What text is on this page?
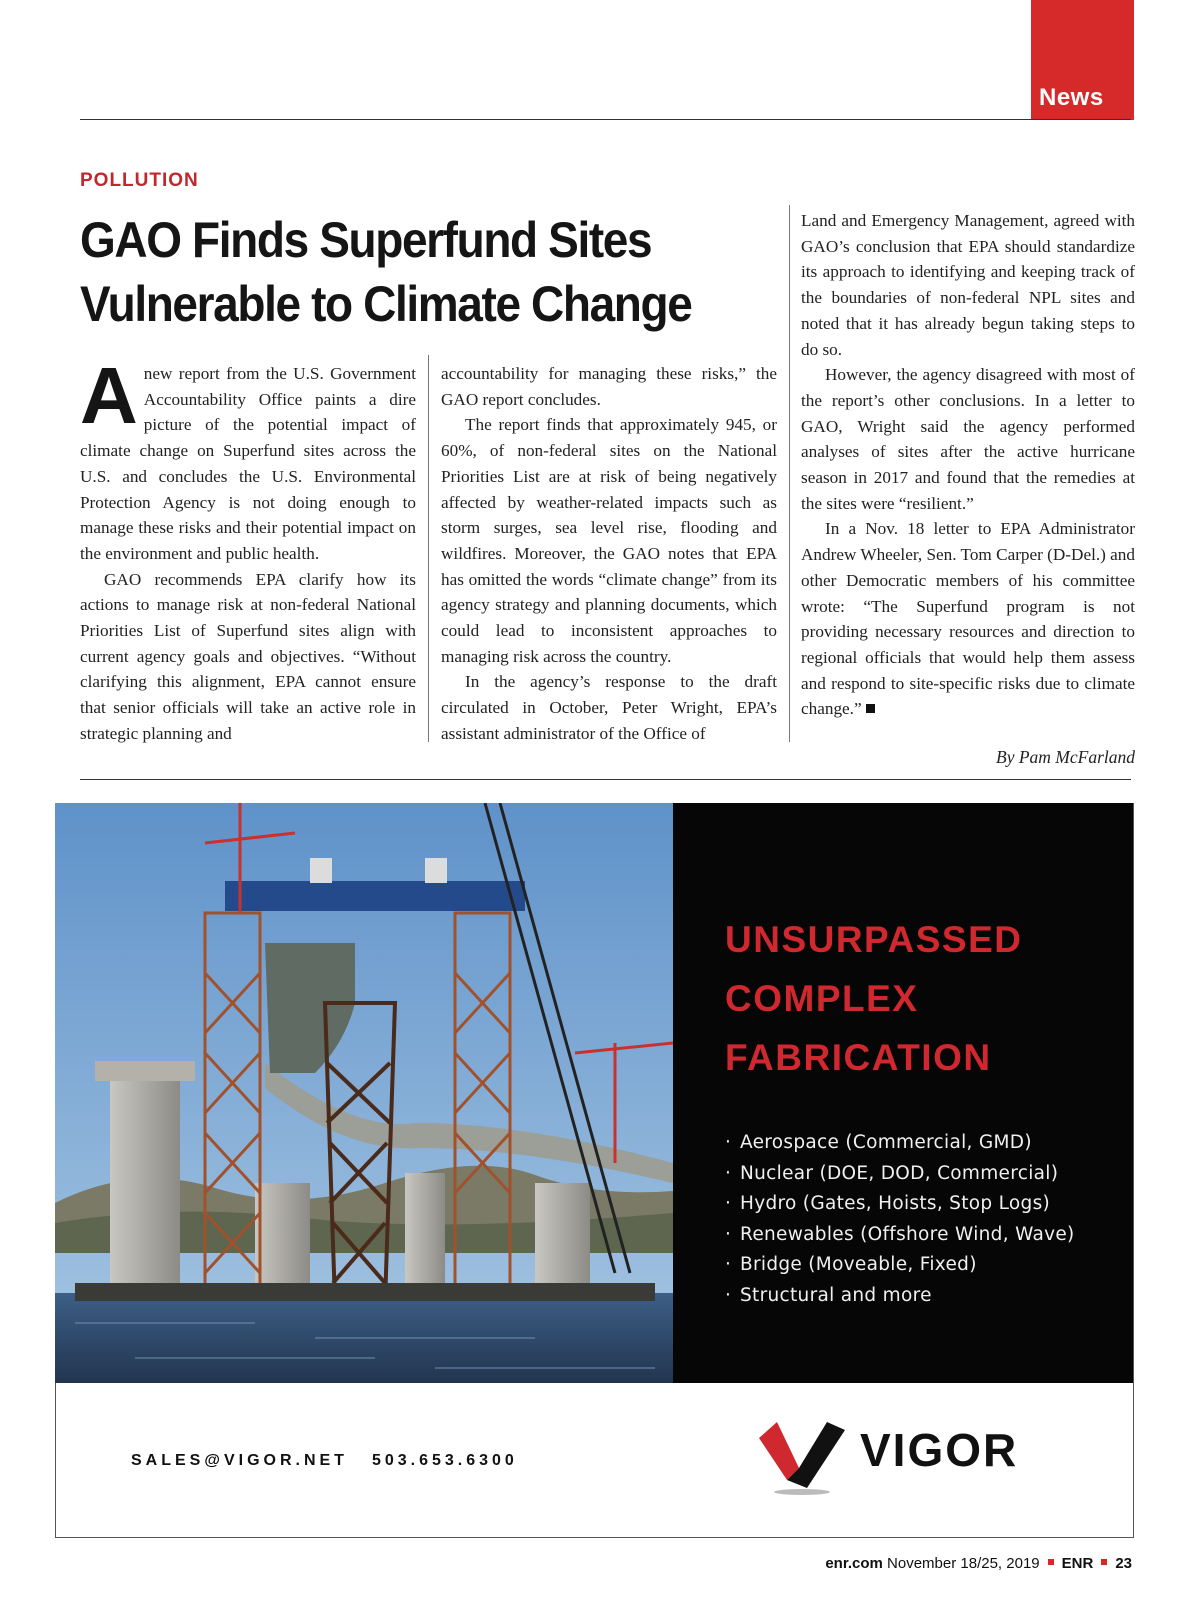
News
POLLUTION
GAO Finds Superfund Sites
Vulnerable to Climate Change

Anew report from the U.S. Government Accountability Office paints a dire picture of the potential impact of climate change on Superfund sites across the U.S. and concludes the U.S. Environmental Protection Agency is not doing enough to manage these risks and their potential impact on the environment and public health.

GAO recommends EPA clarify how its actions to manage risk at non-federal National Priorities List of Superfund sites align with current agency goals and objectives. “Without clarifying this alignment, EPA cannot ensure that senior officials will take an active role in strategic planning and

accountability for managing these risks,” the GAO report concludes.

The report finds that approximately 945, or 60%, of non-federal sites on the National Priorities List are at risk of being negatively affected by weather-related impacts such as storm surges, sea level rise, flooding and wildfires. Moreover, the GAO notes that EPA has omitted the words “climate change” from its agency strategy and planning documents, which could lead to inconsistent approaches to managing risk across the country.

In the agency’s response to the draft circulated in October, Peter Wright, EPA’s assistant administrator of the Office of

Land and Emergency Management, agreed with GAO’s conclusion that EPA should standardize its approach to identifying and keeping track of the boundaries of non-federal NPL sites and noted that it has already begun taking steps to do so.

However, the agency disagreed with most of the report’s other conclusions. In a letter to GAO, Wright said the agency performed analyses of sites after the active hurricane season in 2017 and found that the remedies at the sites were “resilient.”

In a Nov. 18 letter to EPA Administrator Andrew Wheeler, Sen. Tom Carper (D-Del.) and other Democratic members of his committee wrote: “The Superfund program is not providing necessary resources and direction to regional officials that would help them assess and respond to site-specific risks due to climate change.”

By Pam McFarland
UNSURPASSED
COMPLEX
FABRICATION
· Aerospace (Commercial, GMD)
· Nuclear (DOE, DOD, Commercial)
· Hydro (Gates, Hoists, Stop Logs)
· Renewables (Offshore Wind, Wave)
· Bridge (Moveable, Fixed)
· Structural and more
SALES@VIGOR.NET 503.653.6300	VIGOR
enr.com November 18/25, 2019 ENR 23
